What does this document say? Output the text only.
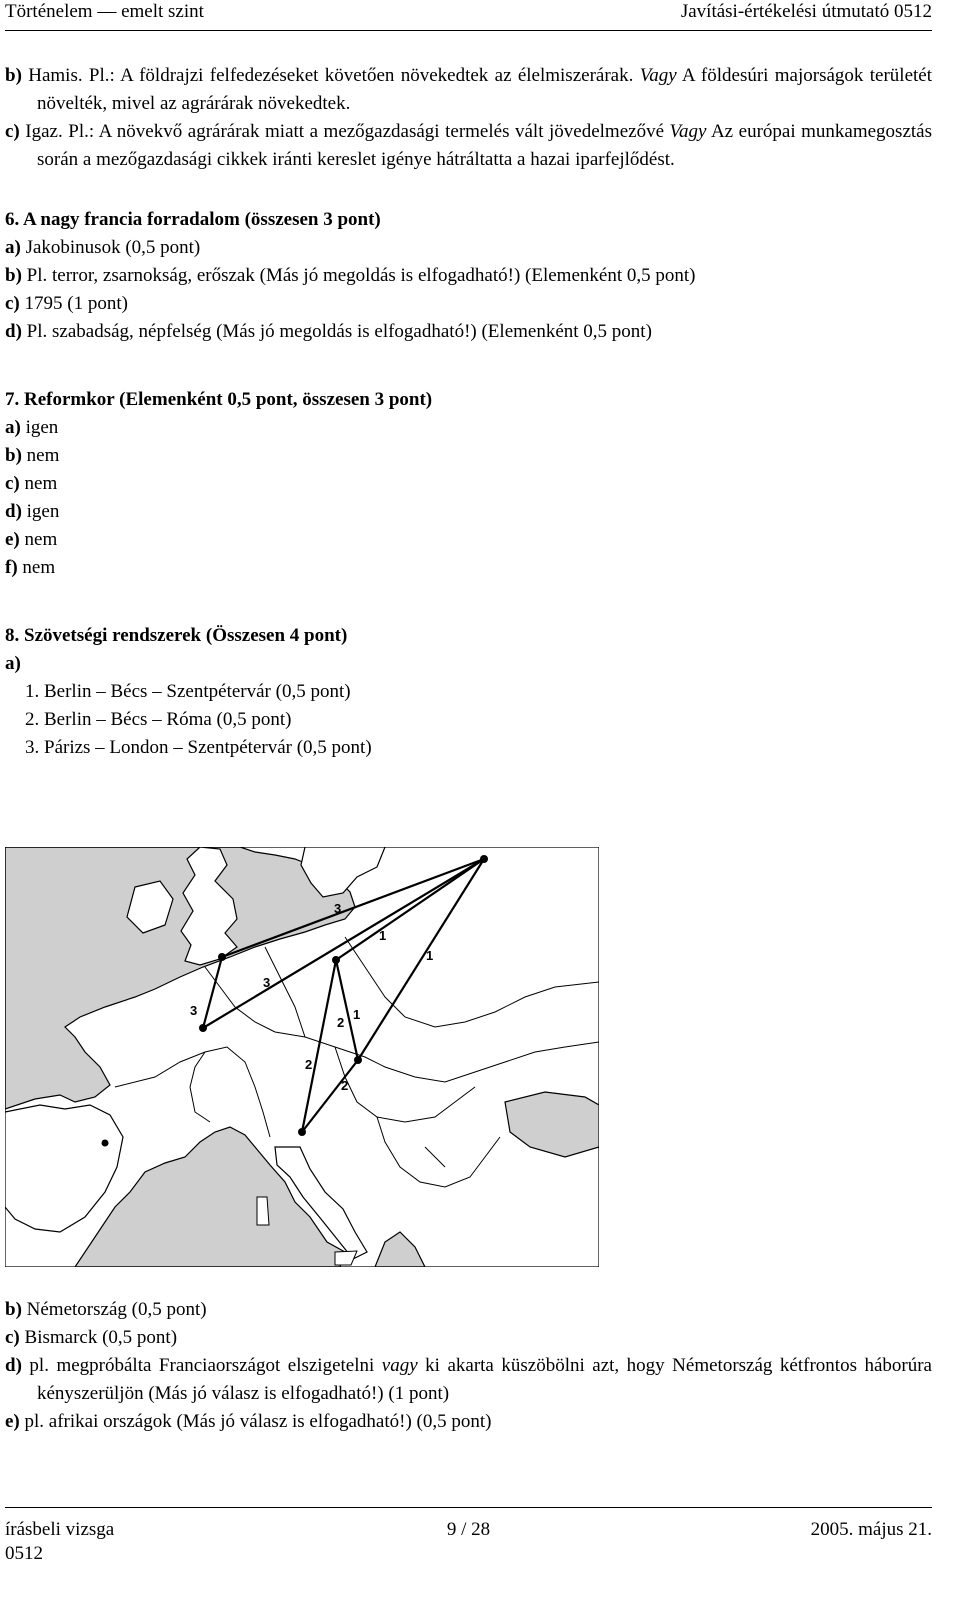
Történelem — emelt szint	Javítási-értékelési útmutató 0512

b) Hamis. Pl.: A földrajzi felfedezéseket követően növekedtek az élelmiszerárak. Vagy A földesúri majorságok területét növelték, mivel az agrárárak növekedtek.

c) Igaz. Pl.: A növekvő agrárárak miatt a mezőgazdasági termelés vált jövedelmezővé Vagy Az európai munkamegosztás során a mezőgazdasági cikkek iránti kereslet igénye hátráltatta a hazai iparfejlődést.

6. A nagy francia forradalom (összesen 3 pont)

a) Jakobinusok (0,5 pont)

b) Pl. terror, zsarnokság, erőszak (Más jó megoldás is elfogadható!) (Elemenként 0,5 pont)

c) 1795 (1 pont)

d) Pl. szabadság, népfelség (Más jó megoldás is elfogadható!) (Elemenként 0,5 pont)

7. Reformkor (Elemenként 0,5 pont, összesen 3 pont)

a) igen

b) nem

c) nem

d) igen

e) nem

f) nem

8. Szövetségi rendszerek (Összesen 4 pont)

a)

1. Berlin – Bécs – Szentpétervár (0,5 pont)

2. Berlin – Bécs – Róma (0,5 pont)

3. Párizs – London – Szentpétervár (0,5 pont)

3
1
1
3
3
2
2
2
1

b) Németország (0,5 pont)

c) Bismarck (0,5 pont)

d) pl. megpróbálta Franciaországot elszigetelni vagy ki akarta küszöbölni azt, hogy Németország kétfrontos háborúra kényszerüljön (Más jó válasz is elfogadható!) (1 pont)

e) pl. afrikai országok (Más jó válasz is elfogadható!) (0,5 pont)

írásbeli vizsga	2005. május 21.
9 / 28
0512
